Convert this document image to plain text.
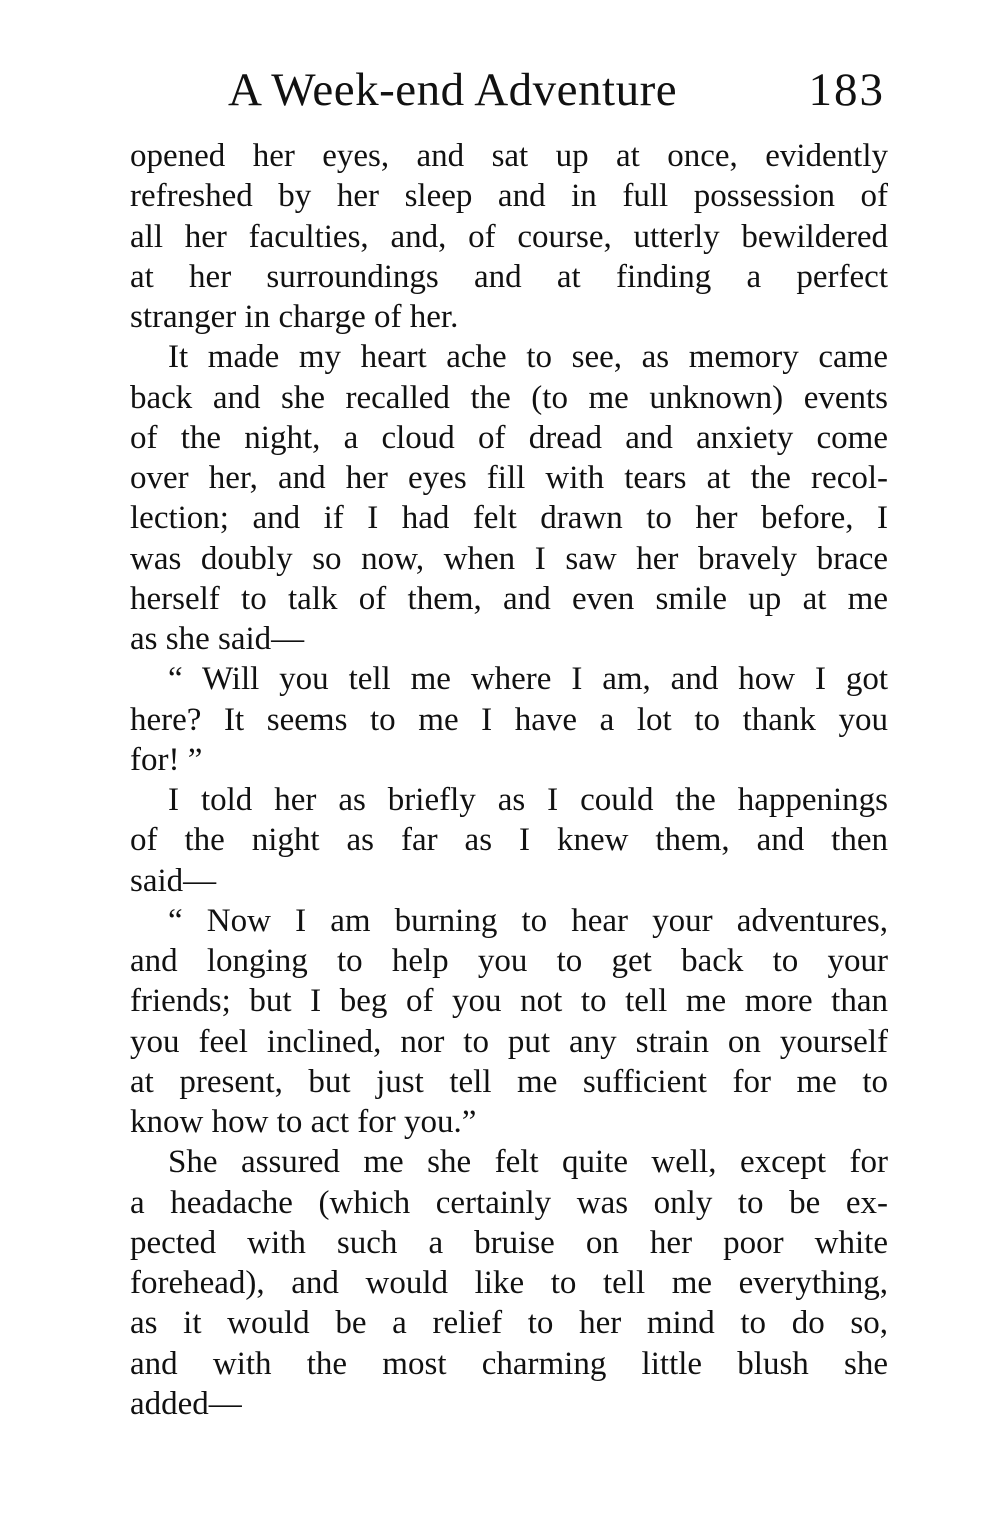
A Week-end Adventure	183
opened her eyes, and sat up at once, evidently
refreshed by her sleep and in full possession of
all her faculties, and, of course, utterly bewildered
at her surroundings and at finding a perfect
stranger in charge of her.
It made my heart ache to see, as memory came
back and she recalled the (to me unknown) events
of the night, a cloud of dread and anxiety come
over her, and her eyes fill with tears at the recol-
lection; and if I had felt drawn to her before, I
was doubly so now, when I saw her bravely brace
herself to talk of them, and even smile up at me
as she said—
“ Will you tell me where I am, and how I got
here? It seems to me I have a lot to thank you
for! ”
I told her as briefly as I could the happenings
of the night as far as I knew them, and then
said—
“ Now I am burning to hear your adventures,
and longing to help you to get back to your
friends; but I beg of you not to tell me more than
you feel inclined, nor to put any strain on yourself
at present, but just tell me sufficient for me to
know how to act for you.”
She assured me she felt quite well, except for
a headache (which certainly was only to be ex-
pected with such a bruise on her poor white
forehead), and would like to tell me everything,
as it would be a relief to her mind to do so,
and with the most charming little blush she
added—
